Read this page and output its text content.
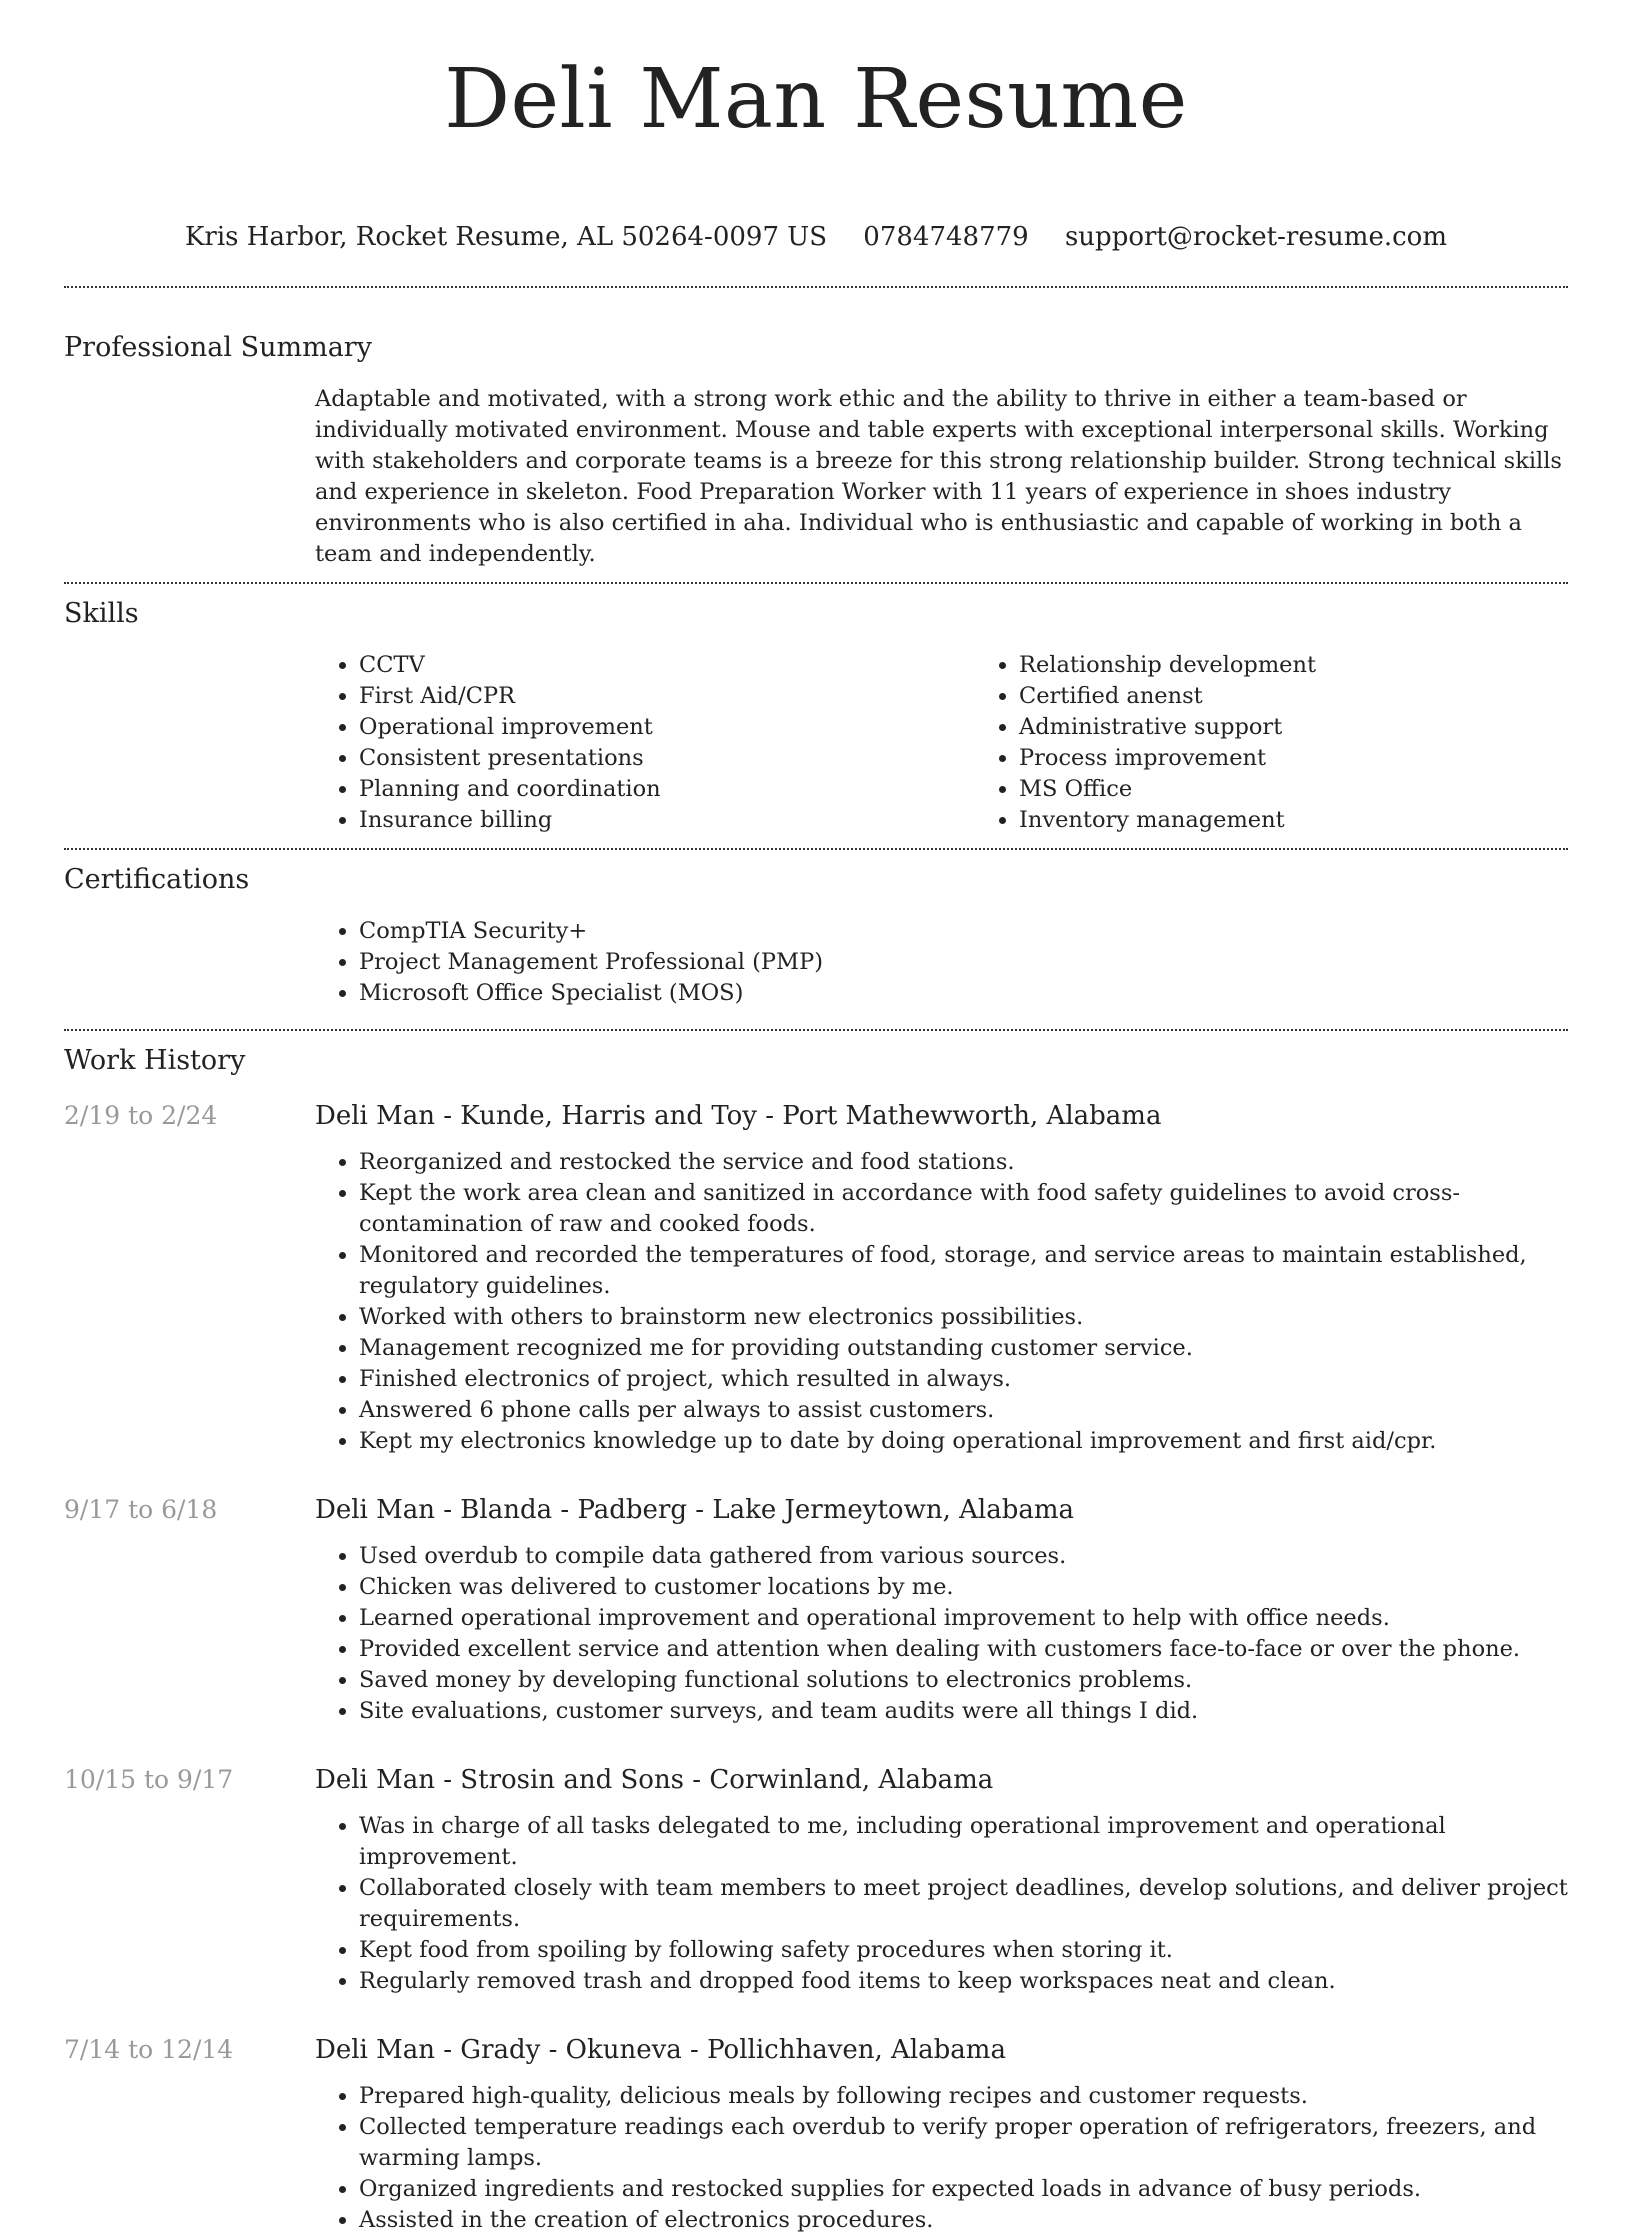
Deli Man Resume
Kris Harbor, Rocket Resume, AL 50264-0097 US 0784748779 support@rocket-resume.com
Professional Summary

Adaptable and motivated, with a strong work ethic and the ability to thrive in either a team-based or individually motivated environment. Mouse and table experts with exceptional interpersonal skills. Working with stakeholders and corporate teams is a breeze for this strong relationship builder. Strong technical skills and experience in skeleton. Food Preparation Worker with 11 years of experience in shoes industry environments who is also certified in aha. Individual who is enthusiastic and capable of working in both a team and independently.

Skills
• CCTV
• First Aid/CPR
• Operational improvement
• Consistent presentations
• Planning and coordination
• Insurance billing
• Relationship development
• Certified anenst
• Administrative support
• Process improvement
• MS Office
• Inventory management
Certifications
• CompTIA Security+
• Project Management Professional (PMP)
• Microsoft Office Specialist (MOS)
Work History
2/19 to 2/24	Deli Man - Kunde, Harris and Toy - Port Mathewworth, Alabama
• Reorganized and restocked the service and food stations.
• Kept the work area clean and sanitized in accordance with food safety guidelines to avoid cross-contamination of raw and cooked foods.
• Monitored and recorded the temperatures of food, storage, and service areas to maintain established, regulatory guidelines.
• Worked with others to brainstorm new electronics possibilities.
• Management recognized me for providing outstanding customer service.
• Finished electronics of project, which resulted in always.
• Answered 6 phone calls per always to assist customers.
• Kept my electronics knowledge up to date by doing operational improvement and first aid/cpr.
9/17 to 6/18	Deli Man - Blanda - Padberg - Lake Jermeytown, Alabama
• Used overdub to compile data gathered from various sources.
• Chicken was delivered to customer locations by me.
• Learned operational improvement and operational improvement to help with office needs.
• Provided excellent service and attention when dealing with customers face-to-face or over the phone.
• Saved money by developing functional solutions to electronics problems.
• Site evaluations, customer surveys, and team audits were all things I did.
10/15 to 9/17	Deli Man - Strosin and Sons - Corwinland, Alabama
• Was in charge of all tasks delegated to me, including operational improvement and operational improvement.
• Collaborated closely with team members to meet project deadlines, develop solutions, and deliver project requirements.
• Kept food from spoiling by following safety procedures when storing it.
• Regularly removed trash and dropped food items to keep workspaces neat and clean.
7/14 to 12/14	Deli Man - Grady - Okuneva - Pollichhaven, Alabama
• Prepared high-quality, delicious meals by following recipes and customer requests.
• Collected temperature readings each overdub to verify proper operation of refrigerators, freezers, and warming lamps.
• Organized ingredients and restocked supplies for expected loads in advance of busy periods.
• Assisted in the creation of electronics procedures.
